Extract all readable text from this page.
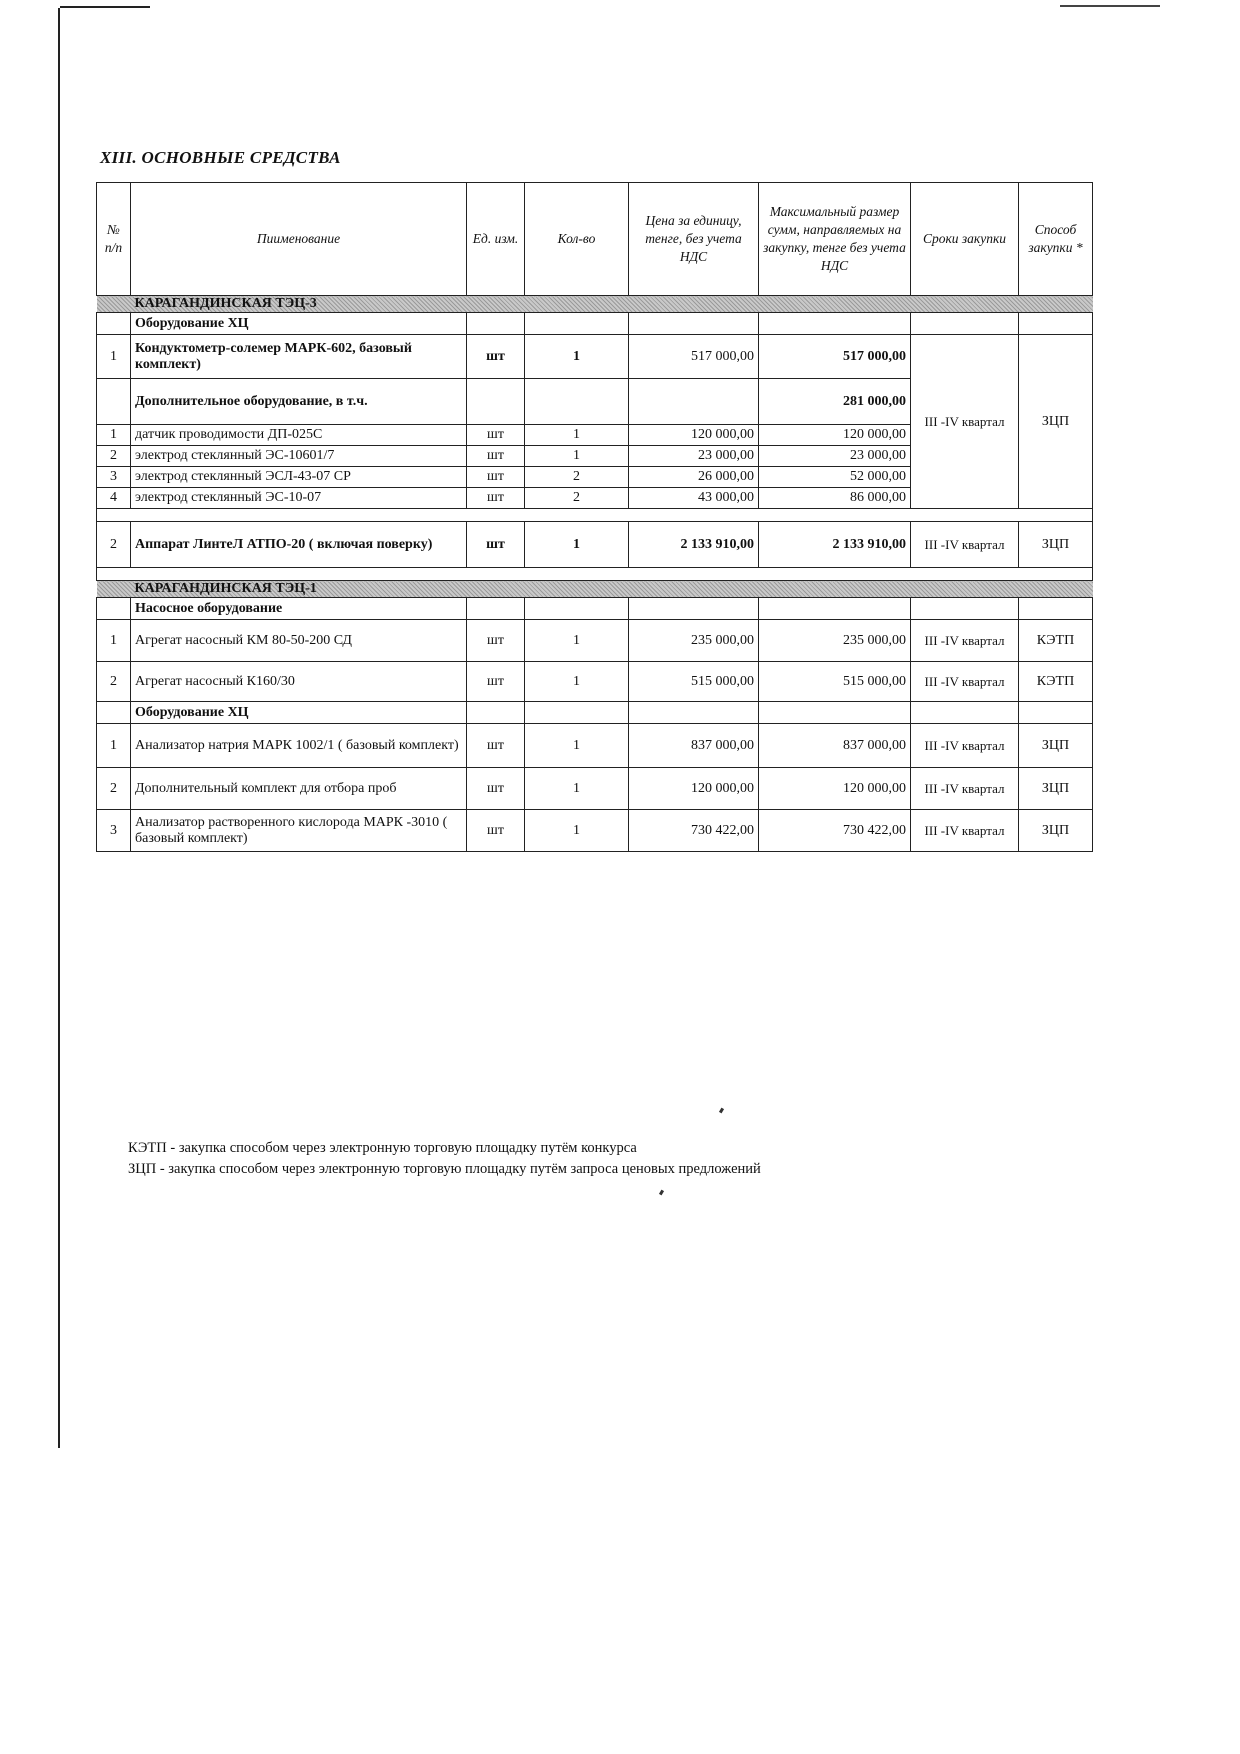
XIII. ОСНОВНЫЕ СРЕДСТВА
№ п/п	Пиименование	Ед. изм.	Кол-во	Цена за единицу, тенге, без учета НДС	Максимальный размер сумм, направляемых на закупку, тенге без учета НДС	Сроки закупки	Способ закупки *
	КАРАГАНДИНСКАЯ ТЭЦ-3						
	Оборудование ХЦ						
1	Кондуктометр-солемер МАРК-602, базовый комплект)	шт	1	517 000,00	517 000,00	III -IV квартал	ЗЦП
	Дополнительное оборудование, в т.ч.				281 000,00		
1	датчик проводимости ДП-025С	шт	1	120 000,00	120 000,00		
2	электрод стеклянный ЭС-10601/7	шт	1	23 000,00	23 000,00		
3	электрод стеклянный ЭСЛ-43-07 СР	шт	2	26 000,00	52 000,00		
4	электрод стеклянный ЭС-10-07	шт	2	43 000,00	86 000,00		

2	Аппарат ЛинтеЛ АТПО-20 ( включая поверку)	шт	1	2 133 910,00	2 133 910,00	III -IV квартал	ЗЦП

	КАРАГАНДИНСКАЯ ТЭЦ-1						
	Насосное оборудование						
1	Агрегат насосный КМ 80-50-200 СД	шт	1	235 000,00	235 000,00	III -IV квартал	КЭТП
2	Агрегат насосный К160/30	шт	1	515 000,00	515 000,00	III -IV квартал	КЭТП
	Оборудование ХЦ						
1	Анализатор натрия МАРК 1002/1 ( базовый комплект)	шт	1	837 000,00	837 000,00	III -IV квартал	ЗЦП
2	Дополнительный комплект для отбора проб	шт	1	120 000,00	120 000,00	III -IV квартал	ЗЦП
3	Анализатор растворенного кислорода МАРК -3010 ( базовый комплект)	шт	1	730 422,00	730 422,00	III -IV квартал	ЗЦП
КЭТП - закупка способом через электронную торговую площадку путём конкурса
ЗЦП - закупка способом через электронную торговую площадку путём запроса ценовых предложений
